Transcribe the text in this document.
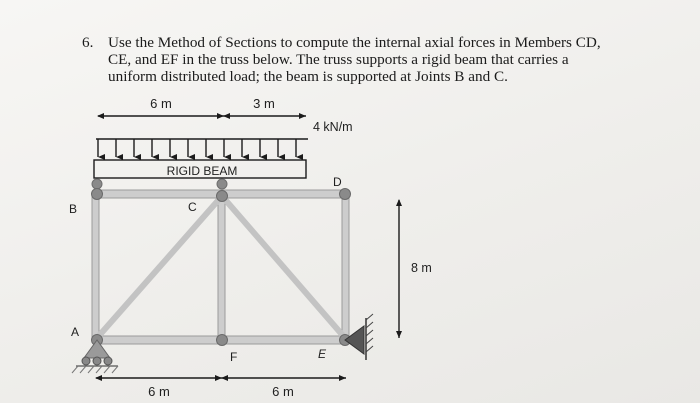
6. Use the Method of Sections to compute the internal axial forces in Members CD,
CE, and EF in the truss below. The truss supports a rigid beam that carries a
uniform distributed load; the beam is supported at Joints B and C.
6 m	3 m
4 kN/m
RIGID BEAM
B	C
D
A
F	E
8 m
6 m	6 m
